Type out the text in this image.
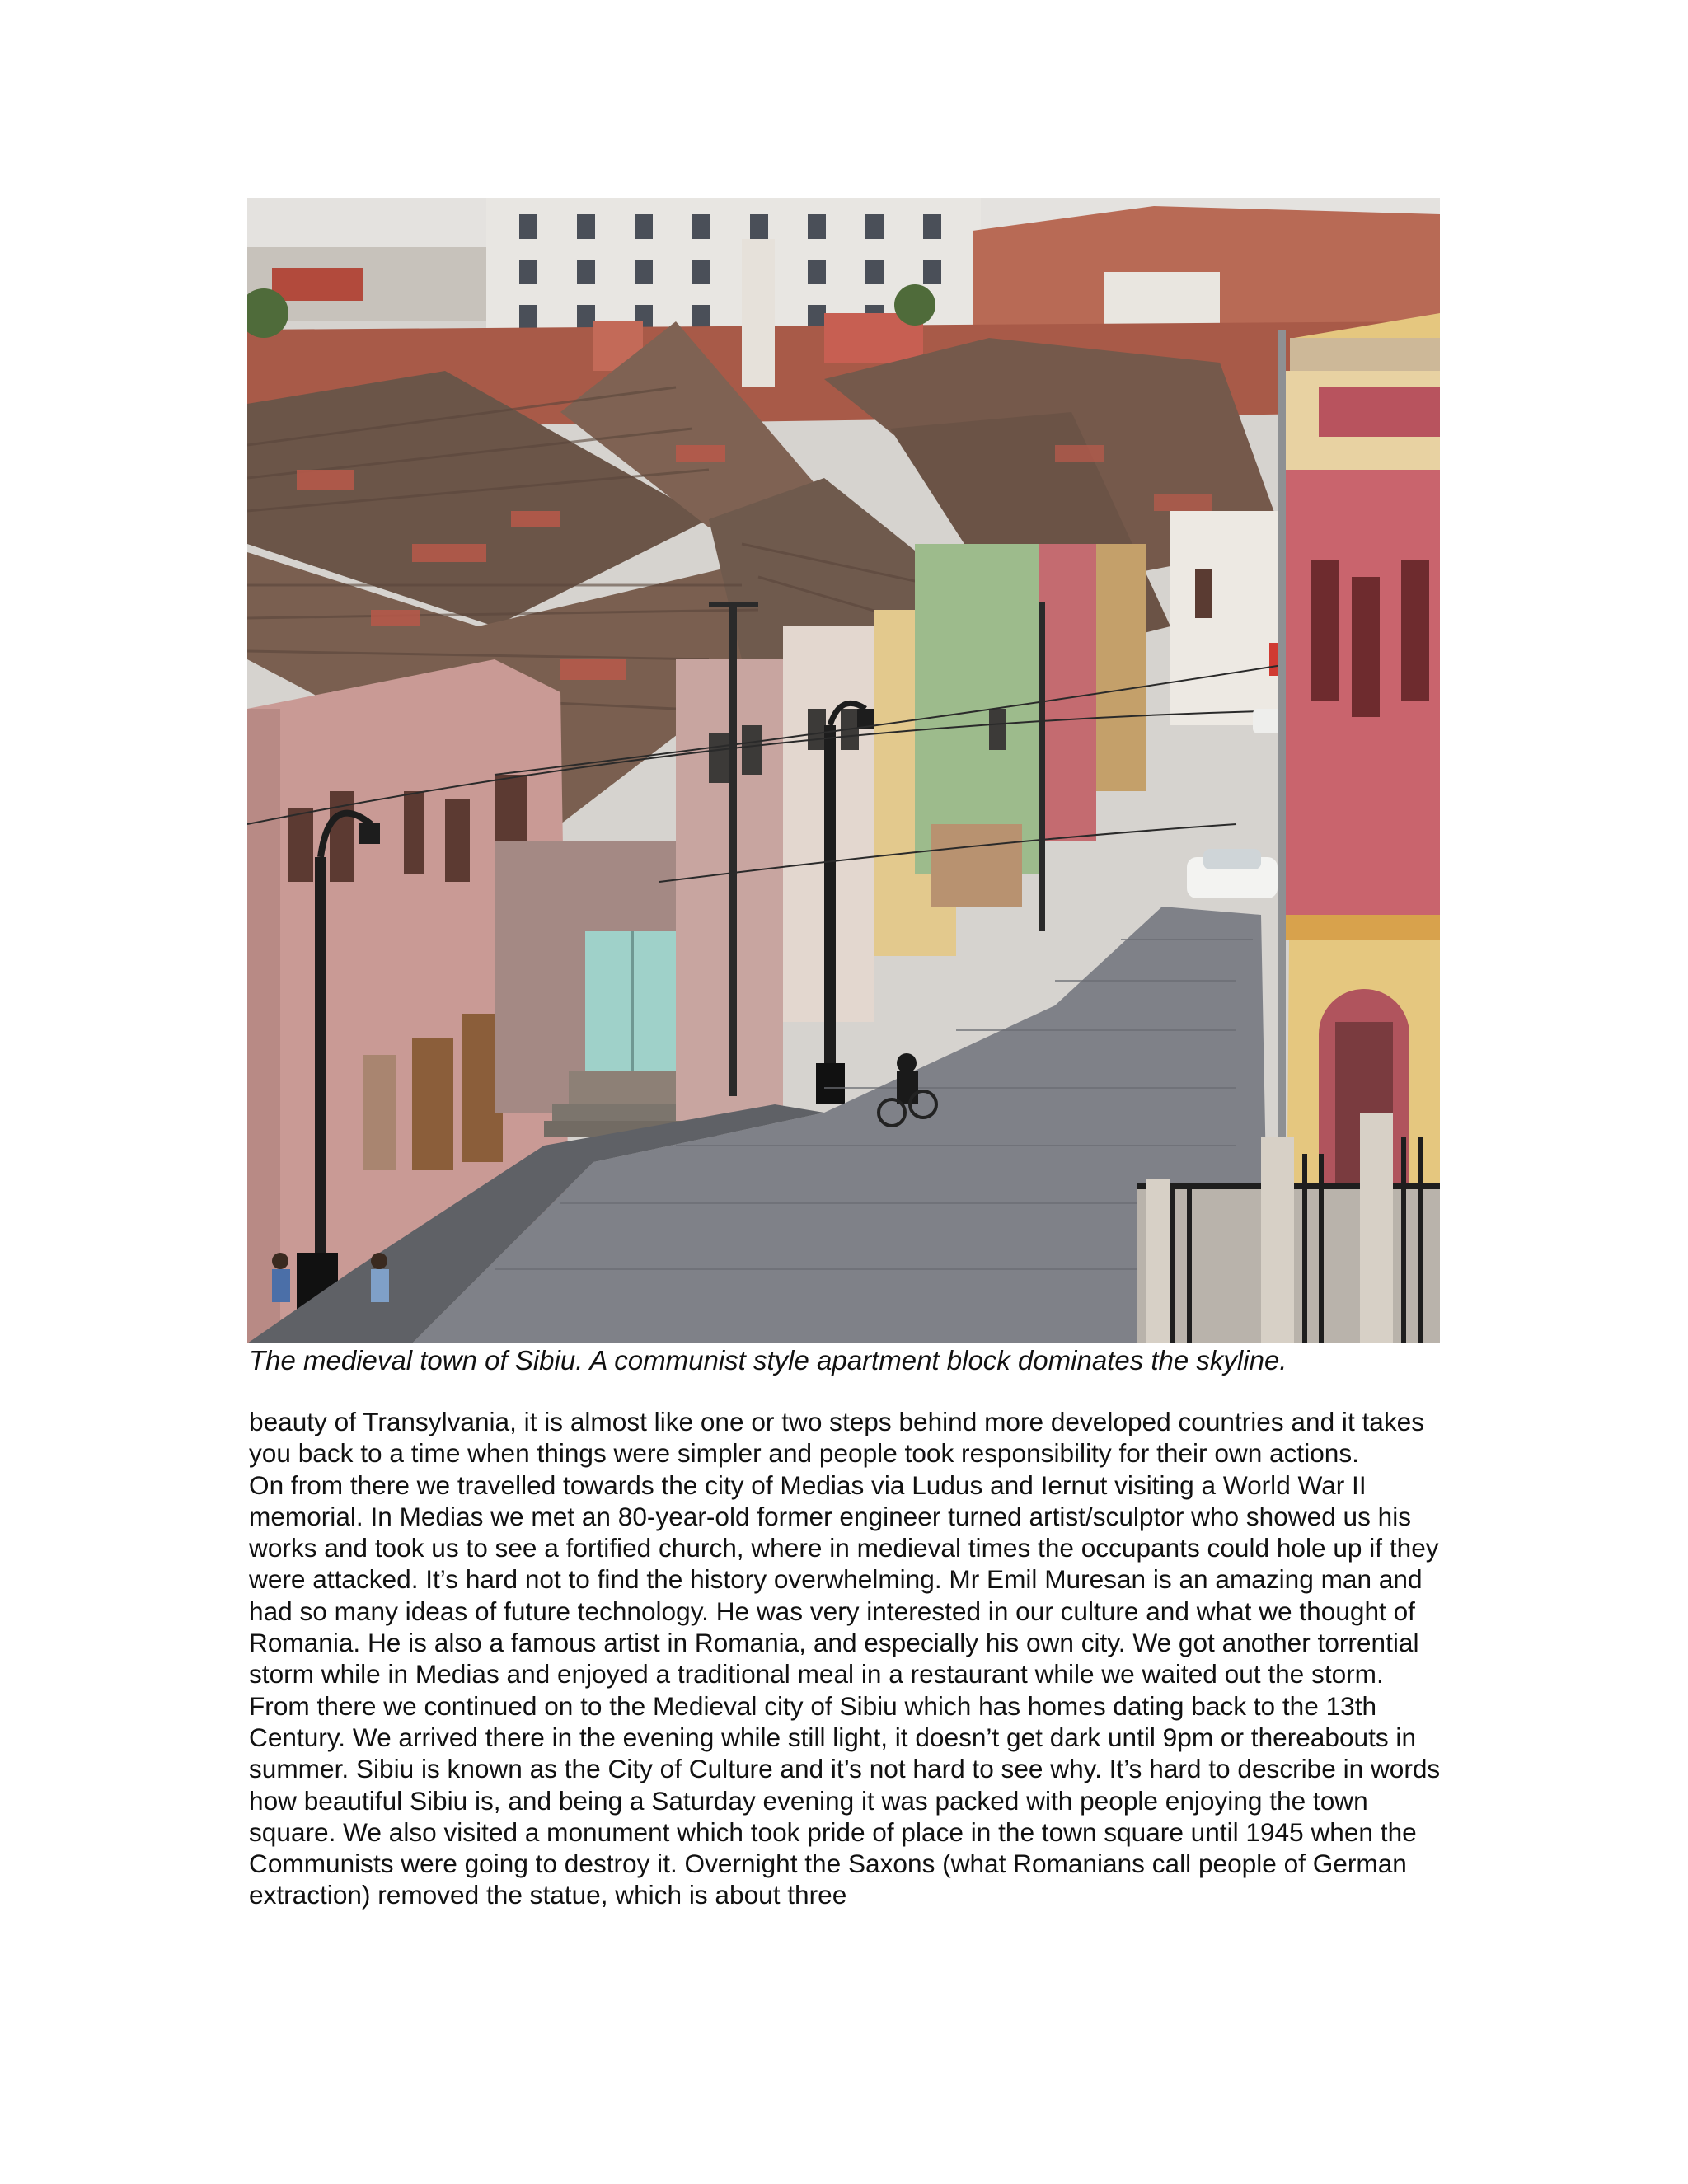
The medieval town of Sibiu. A communist style apartment block dominates the skyline.

beauty of Transylvania, it is almost like one or two steps behind more developed countries and it takes you back to a time when things were simpler and people took responsibility for their own actions.

On from there we travelled towards the city of Medias via Ludus and Iernut visiting a World War II memorial. In Medias we met an 80-year-old former engineer turned artist/sculptor who showed us his works and took us to see a fortified church, where in medieval times the occupants could hole up if they were attacked. It’s hard not to find the history overwhelming. Mr Emil Muresan is an amazing man and had so many ideas of future technology. He was very interested in our culture and what we thought of Romania. He is also a famous artist in Romania, and especially his own city. We got another torrential storm while in Medias and enjoyed a traditional meal in a restaurant while we waited out the storm.

From there we continued on to the Medieval city of Sibiu which has homes dating back to the 13th Century. We arrived there in the evening while still light, it doesn’t get dark until 9pm or thereabouts in summer. Sibiu is known as the City of Culture and it’s not hard to see why. It’s hard to describe in words how beautiful Sibiu is, and being a Saturday evening it was packed with people enjoying the town square. We also visited a monument which took pride of place in the town square until 1945 when the Communists were going to destroy it. Overnight the Saxons (what Romanians call people of German extraction) removed the statue, which is about three
